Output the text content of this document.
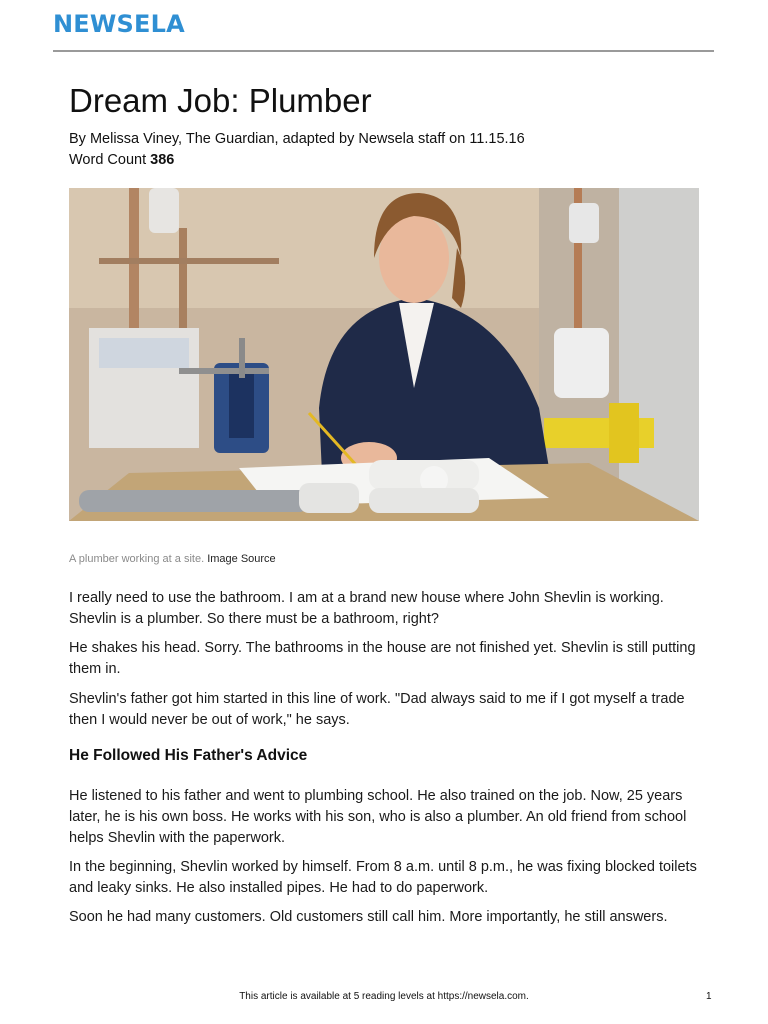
NEWSELA
Dream Job: Plumber
By Melissa Viney, The Guardian, adapted by Newsela staff on 11.15.16
Word Count 386
A plumber working at a site. Image Source

I really need to use the bathroom. I am at a brand new house where John Shevlin is working. Shevlin is a plumber. So there must be a bathroom, right?

He shakes his head. Sorry. The bathrooms in the house are not finished yet. Shevlin is still putting them in.

Shevlin's father got him started in this line of work. "Dad always said to me if I got myself a trade then I would never be out of work," he says.

He Followed His Father's Advice

He listened to his father and went to plumbing school. He also trained on the job. Now, 25 years later, he is his own boss. He works with his son, who is also a plumber. An old friend from school helps Shevlin with the paperwork.

In the beginning, Shevlin worked by himself. From 8 a.m. until 8 p.m., he was fixing blocked toilets and leaky sinks. He also installed pipes. He had to do paperwork.

Soon he had many customers. Old customers still call him. More importantly, he still answers.

This article is available at 5 reading levels at https://newsela.com.	1
